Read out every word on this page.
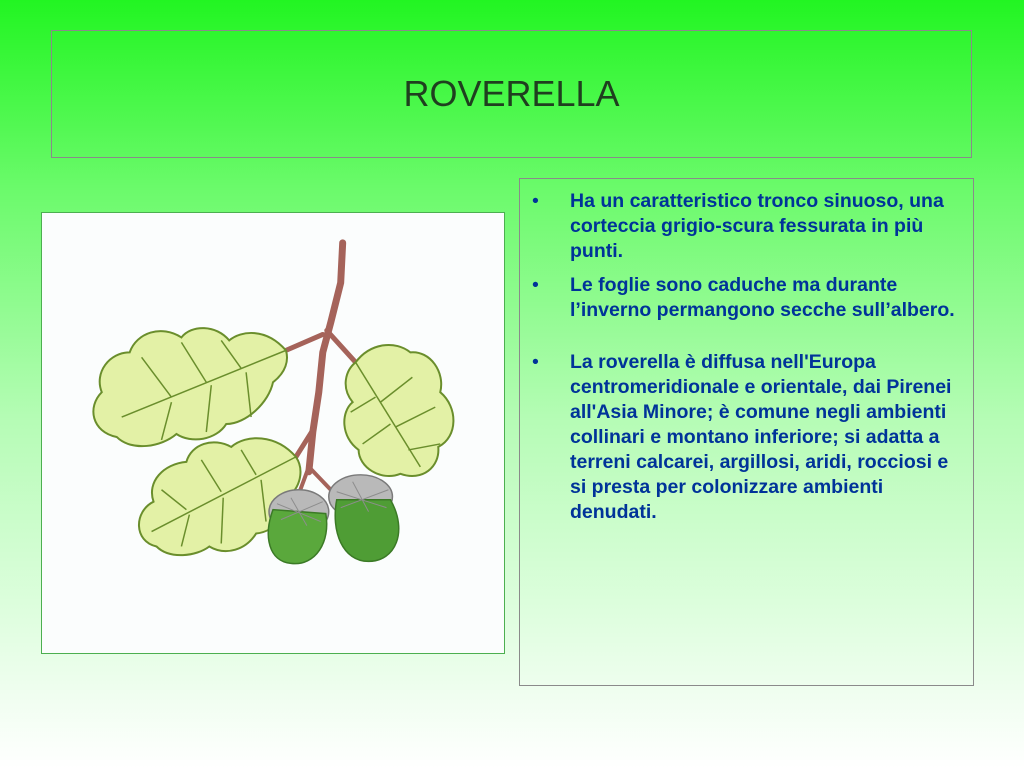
ROVERELLA
• Ha un caratteristico tronco sinuoso, una corteccia grigio-scura fessurata in più punti.
• Le foglie sono caduche ma durante l’inverno permangono secche sull’albero.
• La roverella è diffusa nell'Europa centromeridionale e orientale, dai Pirenei all'Asia Minore; è comune negli ambienti collinari e montano inferiore; si adatta a terreni calcarei, argillosi, aridi, rocciosi e si presta per colonizzare ambienti denudati.
